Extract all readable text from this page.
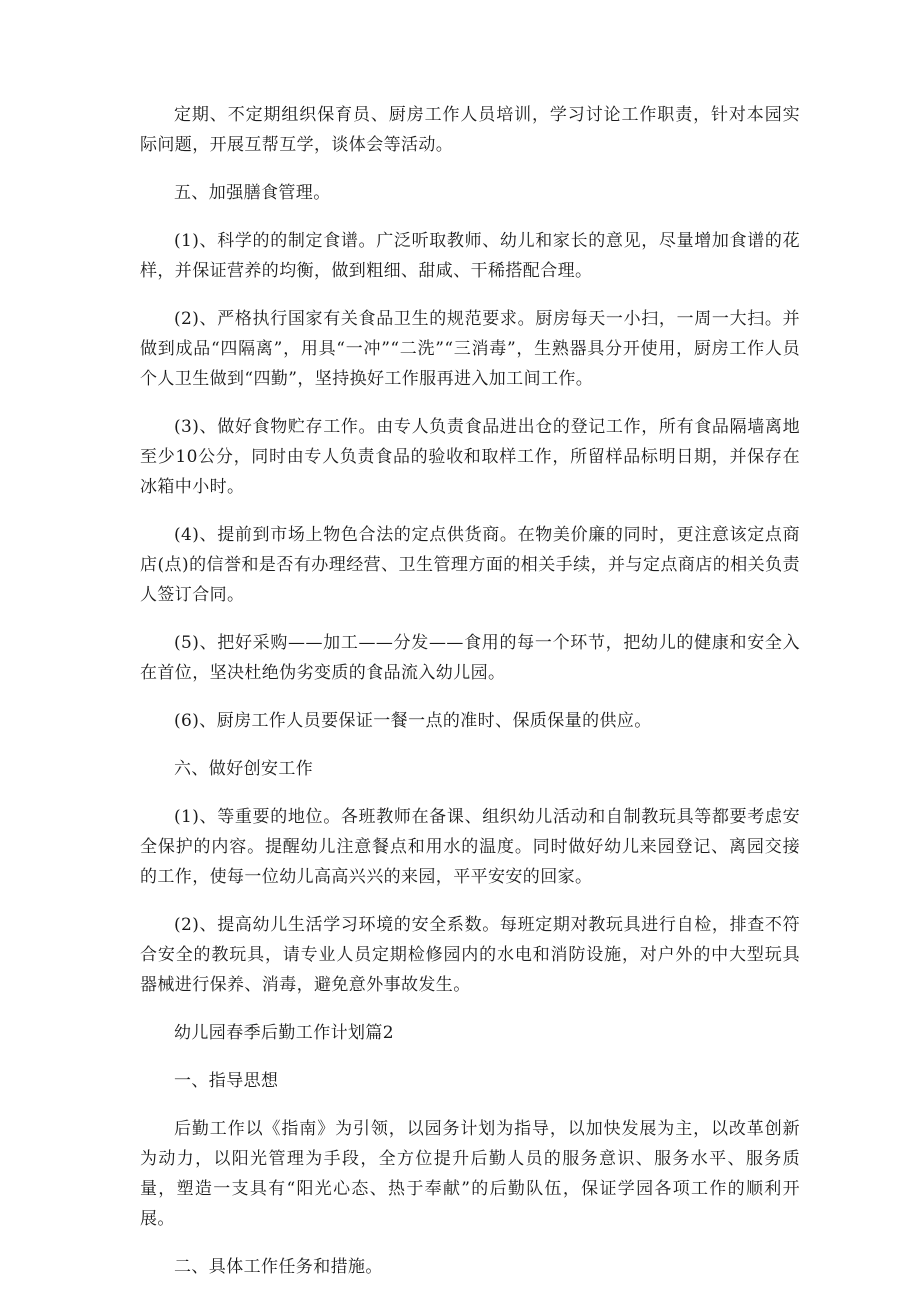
定期、不定期组织保育员、厨房工作人员培训，学习讨论工作职责，针对本园实际问题，开展互帮互学，谈体会等活动。

五、加强膳食管理。

(1)、科学的的制定食谱。广泛听取教师、幼儿和家长的意见，尽量增加食谱的花样，并保证营养的均衡，做到粗细、甜咸、干稀搭配合理。

(2)、严格执行国家有关食品卫生的规范要求。厨房每天一小扫，一周一大扫。并做到成品“四隔离”，用具“一冲”“二洗”“三消毒”，生熟器具分开使用，厨房工作人员个人卫生做到“四勤”，坚持换好工作服再进入加工间工作。

(3)、做好食物贮存工作。由专人负责食品进出仓的登记工作，所有食品隔墙离地至少10公分，同时由专人负责食品的验收和取样工作，所留样品标明日期，并保存在冰箱中小时。

(4)、提前到市场上物色合法的定点供货商。在物美价廉的同时，更注意该定点商店(点)的信誉和是否有办理经营、卫生管理方面的相关手续，并与定点商店的相关负责人签订合同。

(5)、把好采购——加工——分发——食用的每一个环节，把幼儿的健康和安全入在首位，坚决杜绝伪劣变质的食品流入幼儿园。

(6)、厨房工作人员要保证一餐一点的准时、保质保量的供应。

六、做好创安工作

(1)、等重要的地位。各班教师在备课、组织幼儿活动和自制教玩具等都要考虑安全保护的内容。提醒幼儿注意餐点和用水的温度。同时做好幼儿来园登记、离园交接的工作，使每一位幼儿高高兴兴的来园，平平安安的回家。

(2)、提高幼儿生活学习环境的安全系数。每班定期对教玩具进行自检，排查不符合安全的教玩具，请专业人员定期检修园内的水电和消防设施，对户外的中大型玩具器械进行保养、消毒，避免意外事故发生。

幼儿园春季后勤工作计划篇2

一、指导思想

后勤工作以《指南》为引领，以园务计划为指导，以加快发展为主，以改革创新为动力，以阳光管理为手段，全方位提升后勤人员的服务意识、服务水平、服务质量，塑造一支具有“阳光心态、热于奉献”的后勤队伍，保证学园各项工作的顺利开展。

二、具体工作任务和措施。
